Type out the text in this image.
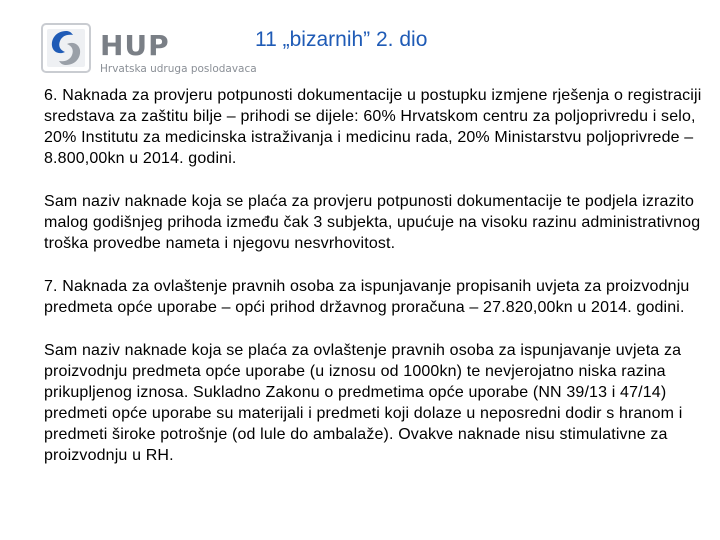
HUP
Hrvatska udruga poslodavaca
11 „bizarnih” 2. dio

6. Naknada za provjeru potpunosti dokumentacije u postupku izmjene rješenja o registraciji sredstava za zaštitu bilje – prihodi se dijele: 60% Hrvatskom centru za poljoprivredu i selo, 20% Institutu za medicinska istraživanja i medicinu rada, 20% Ministarstvu poljoprivrede – 8.800,00kn u 2014. godini.

Sam naziv naknade koja se plaća za provjeru potpunosti dokumentacije te podjela izrazito malog godišnjeg prihoda između čak 3 subjekta, upućuje na visoku razinu administrativnog troška provedbe nameta i njegovu nesvrhovitost.

7. Naknada za ovlaštenje pravnih osoba za ispunjavanje propisanih uvjeta za proizvodnju predmeta opće uporabe – opći prihod državnog proračuna – 27.820,00kn u 2014. godini.

Sam naziv naknade koja se plaća za ovlaštenje pravnih osoba za ispunjavanje uvjeta za proizvodnju predmeta opće uporabe (u iznosu od 1000kn) te nevjerojatno niska razina prikupljenog iznosa. Sukladno Zakonu o predmetima opće uporabe (NN 39/13 i 47/14) predmeti opće uporabe su materijali i predmeti koji dolaze u neposredni dodir s hranom i predmeti široke potrošnje (od lule do ambalaže). Ovakve naknade nisu stimulativne za proizvodnju u RH.
